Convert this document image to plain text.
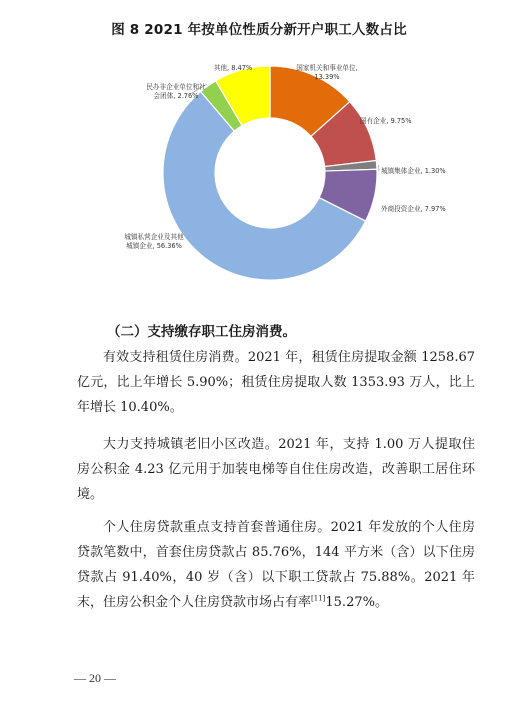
图 8 2021 年按单位性质分新开户职工人数占比
国家机关和事业单位, 13.39%
国有企业, 9.75%
城镇集体企业, 1.30%
外商投资企业, 7.97%
城镇私营企业及其他城镇企业, 56.36%
民办非企业单位和社会团体, 2.76%
其他, 8.47%

（二）支持缴存职工住房消费。

有效支持租赁住房消费。2021 年，租赁住房提取金额 1258.67 亿元，比上年增长 5.90%；租赁住房提取人数 1353.93 万人，比上年增长 10.40%。

大力支持城镇老旧小区改造。2021 年，支持 1.00 万人提取住房公积金 4.23 亿元用于加装电梯等自住住房改造，改善职工居住环境。

个人住房贷款重点支持首套普通住房。2021 年发放的个人住房贷款笔数中，首套住房贷款占 85.76%，144 平方米（含）以下住房贷款占 91.40%，40 岁（含）以下职工贷款占 75.88%。2021 年末，住房公积金个人住房贷款市场占有率[11]15.27%。

— 20 —
